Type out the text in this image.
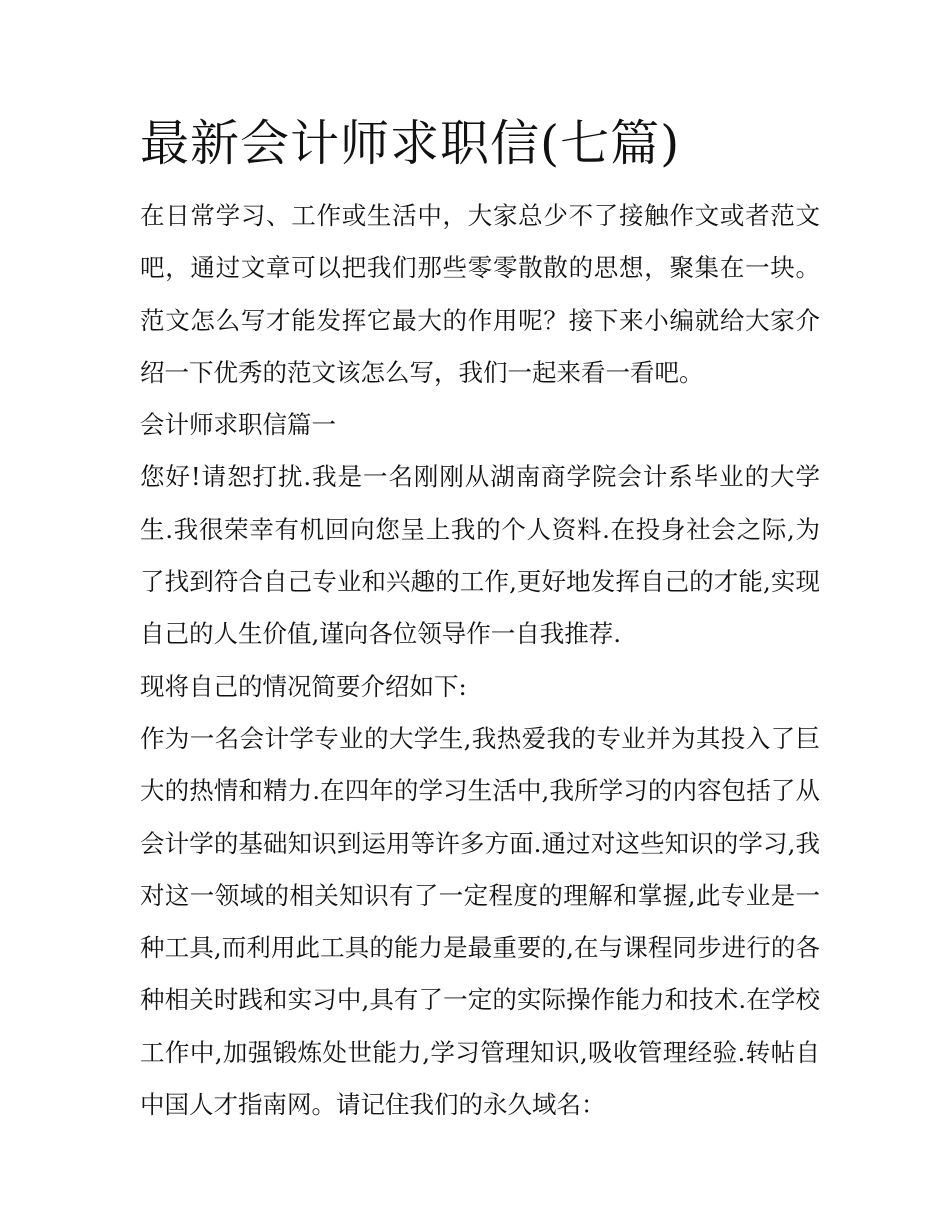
最新会计师求职信(七篇)

在日常学习、工作或生活中，大家总少不了接触作文或者范文吧，通过文章可以把我们那些零零散散的思想，聚集在一块。范文怎么写才能发挥它最大的作用呢？接下来小编就给大家介绍一下优秀的范文该怎么写，我们一起来看一看吧。

会计师求职信篇一

您好!请恕打扰.我是一名刚刚从湖南商学院会计系毕业的大学生.我很荣幸有机回向您呈上我的个人资料.在投身社会之际,为了找到符合自己专业和兴趣的工作,更好地发挥自己的才能,实现自己的人生价值,谨向各位领导作一自我推荐.

现将自己的情况简要介绍如下:

作为一名会计学专业的大学生,我热爱我的专业并为其投入了巨大的热情和精力.在四年的学习生活中,我所学习的内容包括了从会计学的基础知识到运用等许多方面.通过对这些知识的学习,我对这一领域的相关知识有了一定程度的理解和掌握,此专业是一种工具,而利用此工具的能力是最重要的,在与课程同步进行的各种相关时践和实习中,具有了一定的实际操作能力和技术.在学校工作中,加强锻炼处世能力,学习管理知识,吸收管理经验.转帖自中国人才指南网。请记住我们的永久域名：
